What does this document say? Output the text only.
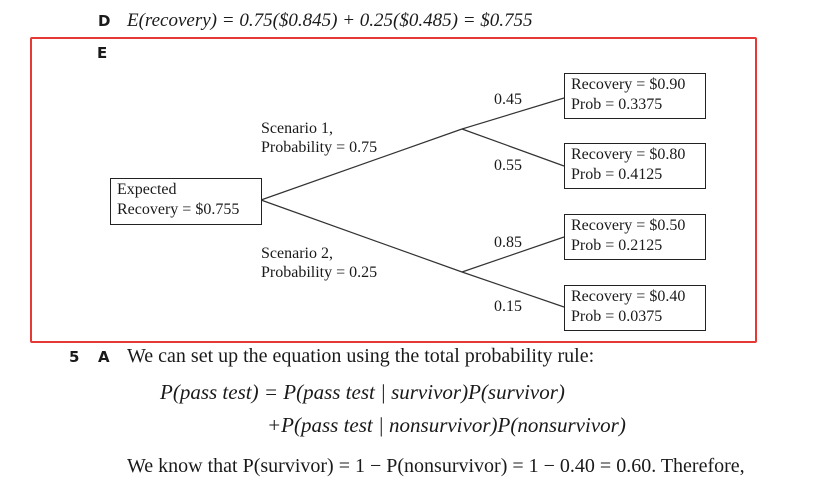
D E(recovery) = 0.75($0.845) + 0.25($0.485) = $0.755
E
Expected
Recovery = $0.755
Scenario 1,
Probability = 0.75
Scenario 2,
Probability = 0.25
0.45
0.55
0.85
0.15
Recovery = $0.90
Prob = 0.3375
Recovery = $0.80
Prob = 0.4125
Recovery = $0.50
Prob = 0.2125
Recovery = $0.40
Prob = 0.0375
5 A We can set up the equation using the total probability rule:
P(pass test) = P(pass test | survivor)P(survivor)
+P(pass test | nonsurvivor)P(nonsurvivor)
We know that P(survivor) = 1 − P(nonsurvivor) = 1 − 0.40 = 0.60. Therefore,
